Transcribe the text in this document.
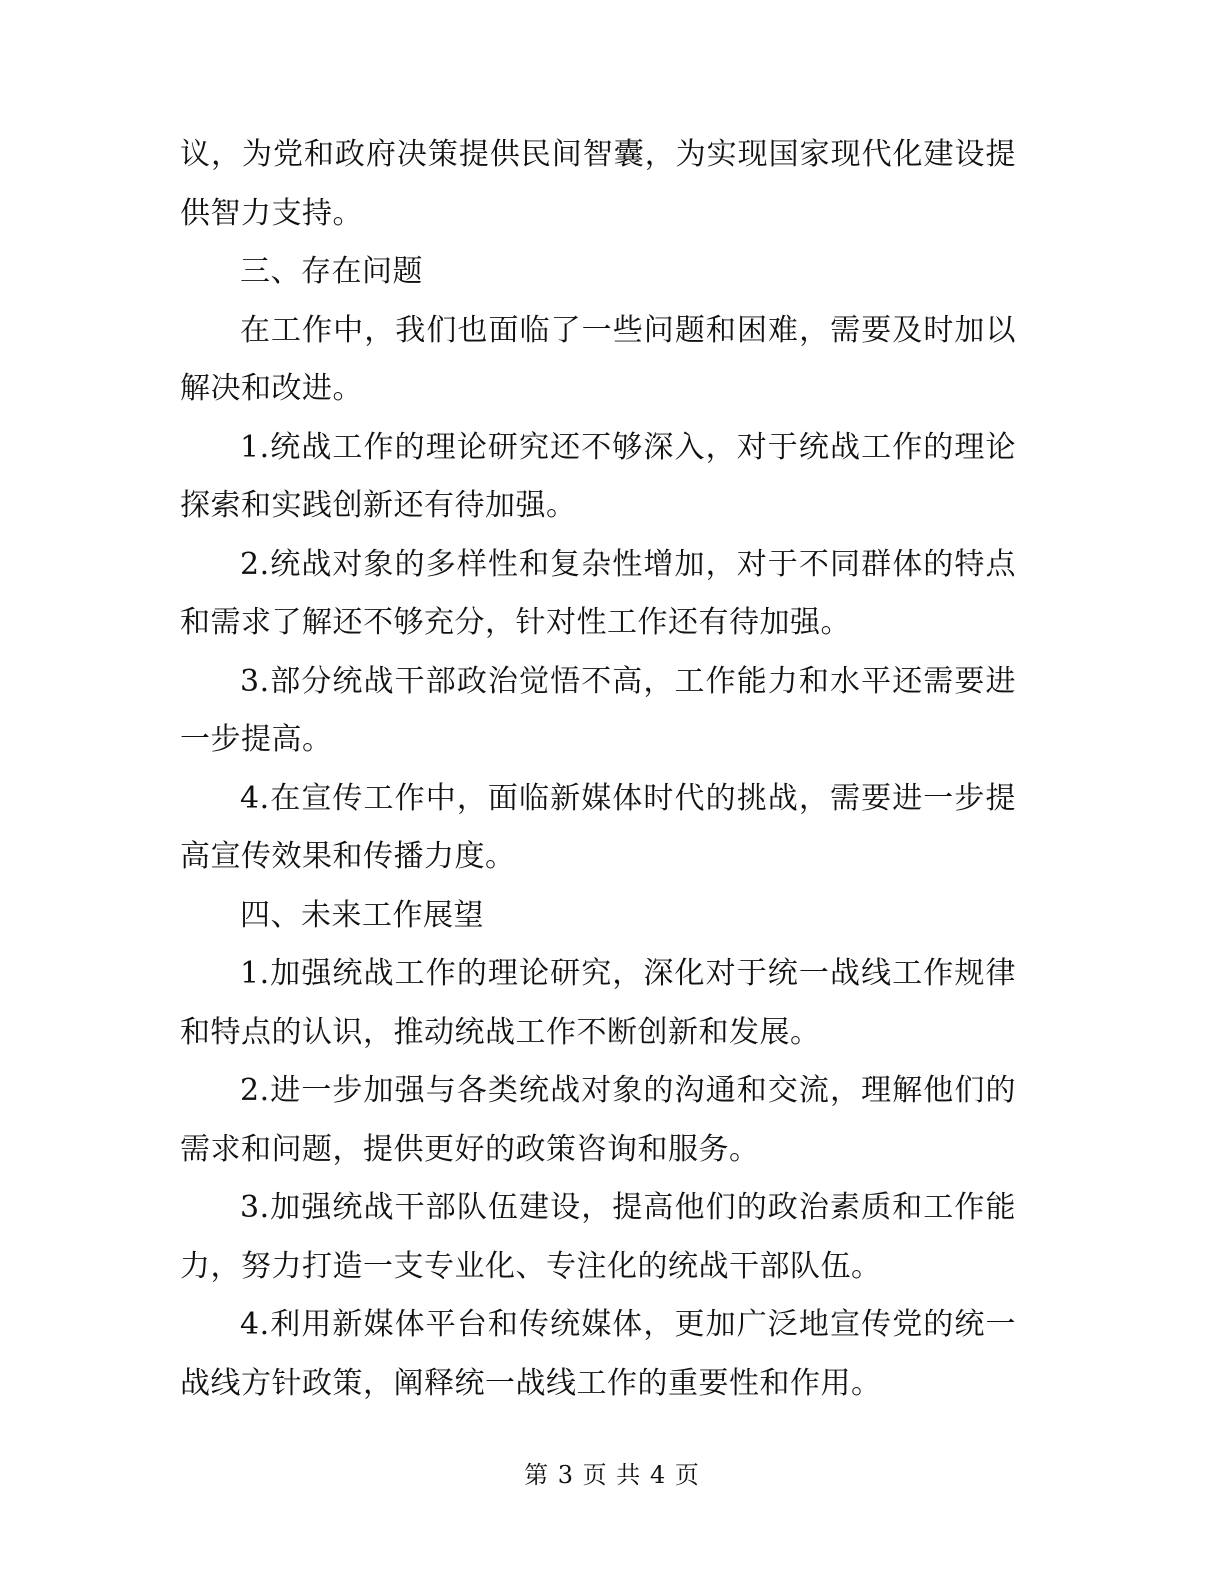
议，为党和政府决策提供民间智囊，为实现国家现代化建设提供智力支持。

三、存在问题

在工作中，我们也面临了一些问题和困难，需要及时加以解决和改进。

1.统战工作的理论研究还不够深入，对于统战工作的理论探索和实践创新还有待加强。

2.统战对象的多样性和复杂性增加，对于不同群体的特点和需求了解还不够充分，针对性工作还有待加强。

3.部分统战干部政治觉悟不高，工作能力和水平还需要进一步提高。

4.在宣传工作中，面临新媒体时代的挑战，需要进一步提高宣传效果和传播力度。

四、未来工作展望

1.加强统战工作的理论研究，深化对于统一战线工作规律和特点的认识，推动统战工作不断创新和发展。

2.进一步加强与各类统战对象的沟通和交流，理解他们的需求和问题，提供更好的政策咨询和服务。

3.加强统战干部队伍建设，提高他们的政治素质和工作能力，努力打造一支专业化、专注化的统战干部队伍。

4.利用新媒体平台和传统媒体，更加广泛地宣传党的统一战线方针政策，阐释统一战线工作的重要性和作用。

第 3 页 共 4 页
